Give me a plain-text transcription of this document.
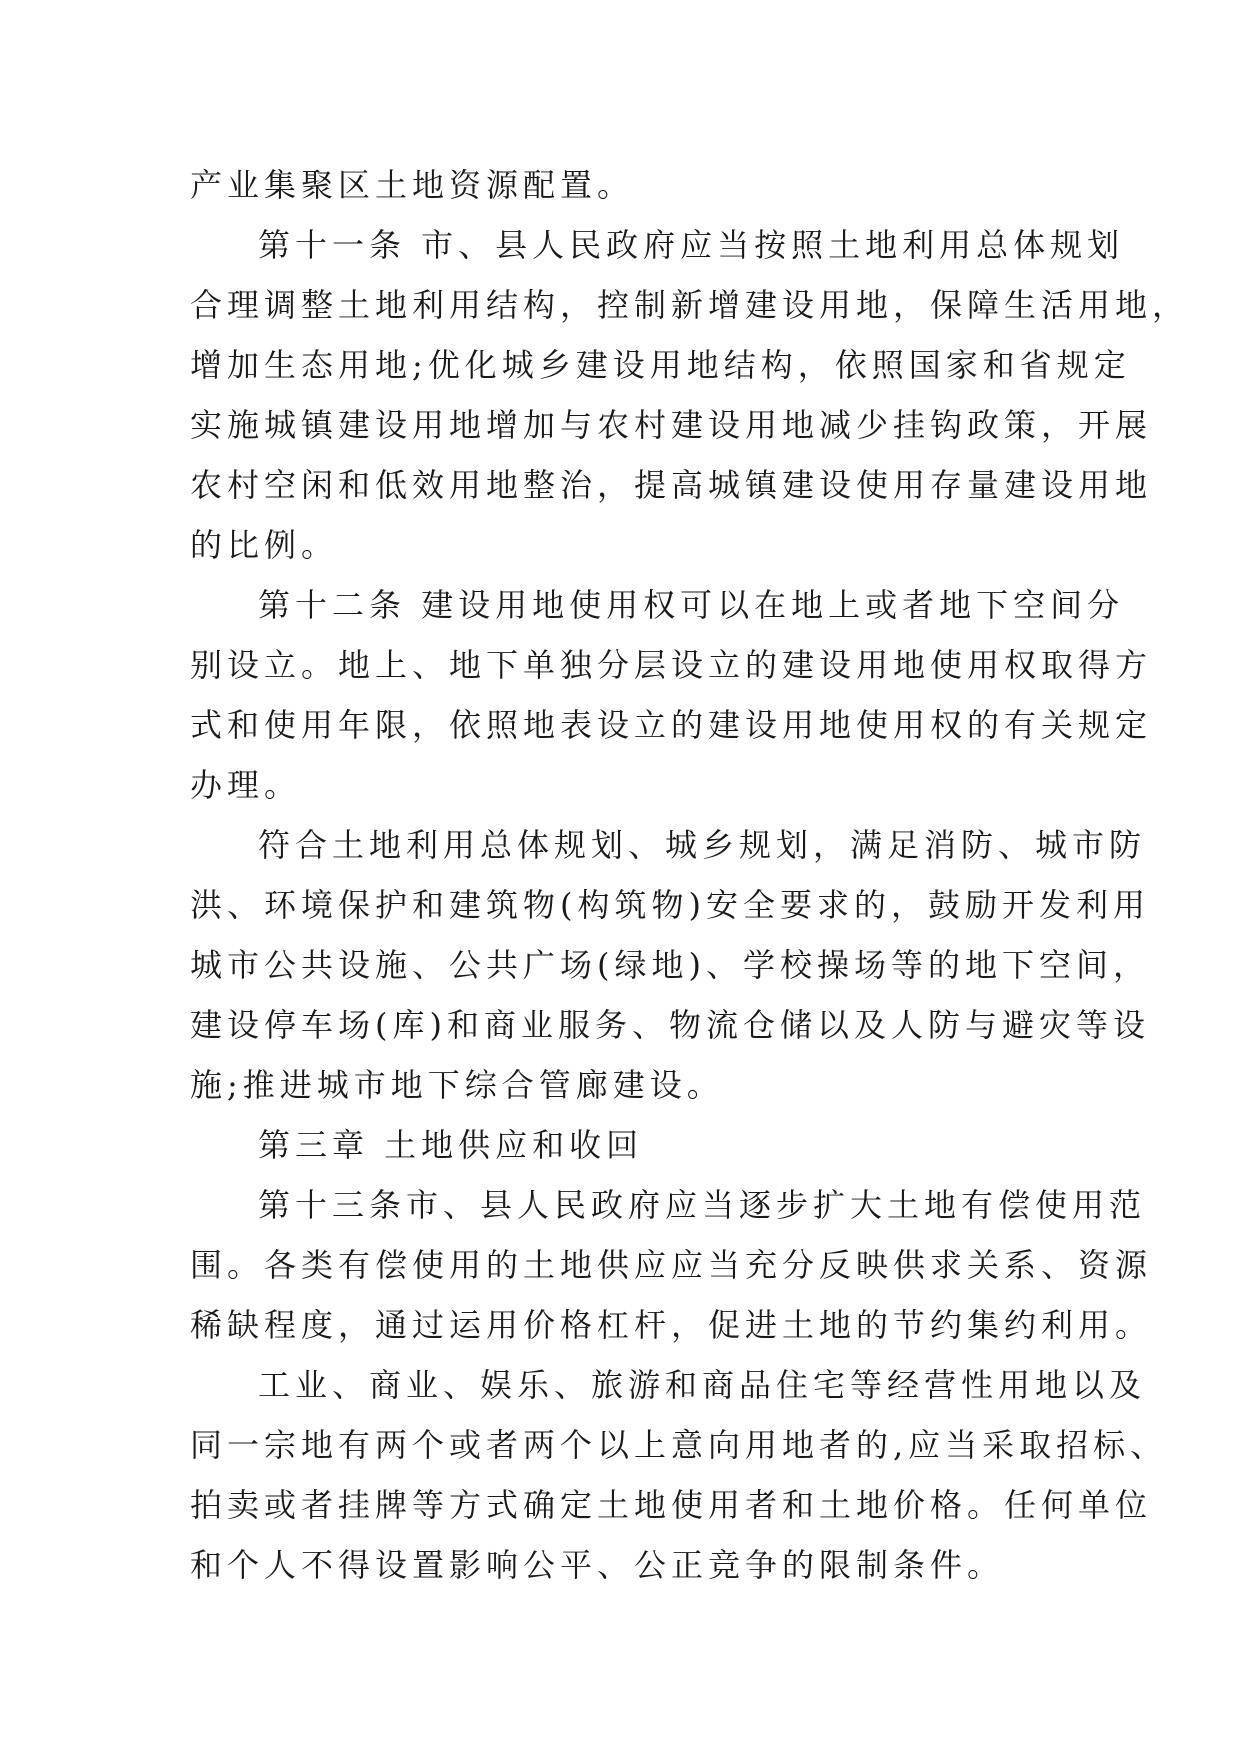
产业集聚区土地资源配置。
第十一条 市、县人民政府应当按照土地利用总体规划
合理调整土地利用结构，控制新增建设用地，保障生活用地，
增加生态用地;优化城乡建设用地结构，依照国家和省规定
实施城镇建设用地增加与农村建设用地减少挂钩政策，开展
农村空闲和低效用地整治，提高城镇建设使用存量建设用地
的比例。
第十二条 建设用地使用权可以在地上或者地下空间分
别设立。地上、地下单独分层设立的建设用地使用权取得方
式和使用年限，依照地表设立的建设用地使用权的有关规定
办理。
符合土地利用总体规划、城乡规划，满足消防、城市防
洪、环境保护和建筑物(构筑物)安全要求的，鼓励开发利用
城市公共设施、公共广场(绿地)、学校操场等的地下空间，
建设停车场(库)和商业服务、物流仓储以及人防与避灾等设
施;推进城市地下综合管廊建设。
第三章 土地供应和收回
第十三条市、县人民政府应当逐步扩大土地有偿使用范
围。各类有偿使用的土地供应应当充分反映供求关系、资源
稀缺程度，通过运用价格杠杆，促进土地的节约集约利用。
工业、商业、娱乐、旅游和商品住宅等经营性用地以及
同一宗地有两个或者两个以上意向用地者的,应当采取招标、
拍卖或者挂牌等方式确定土地使用者和土地价格。任何单位
和个人不得设置影响公平、公正竞争的限制条件。
